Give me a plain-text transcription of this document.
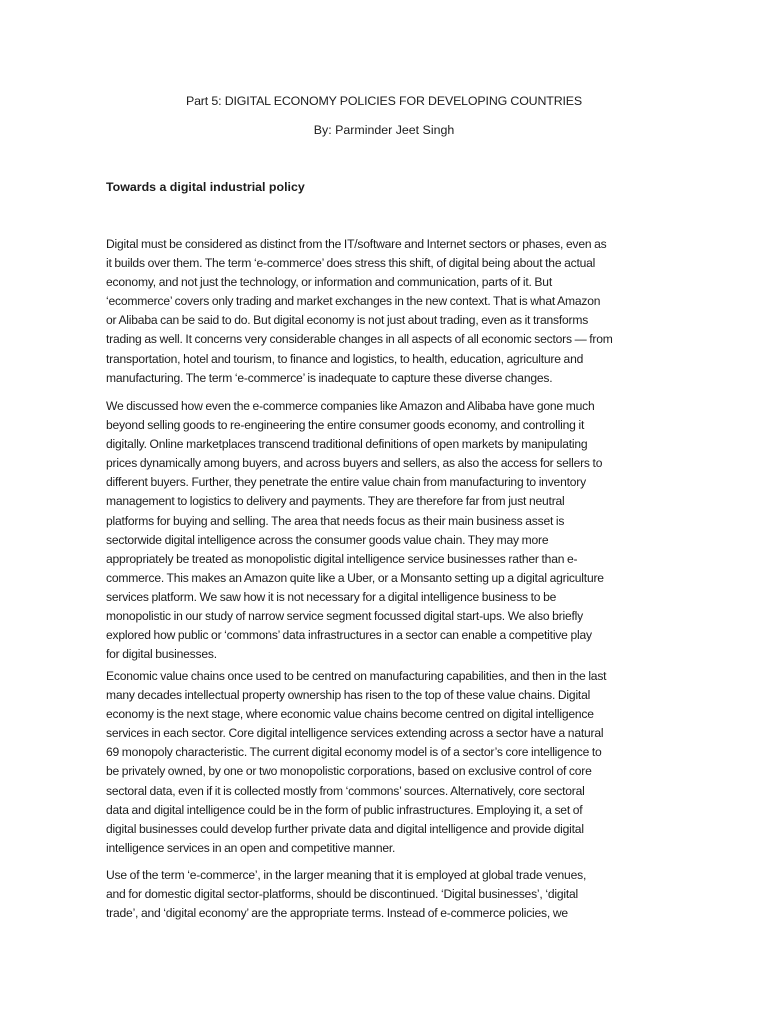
Part 5: DIGITAL ECONOMY POLICIES FOR DEVELOPING COUNTRIES
By: Parminder Jeet Singh
Towards a digital industrial policy
Digital must be considered as distinct from the IT/software and Internet sectors or phases, even as
it builds over them. The term ‘e-commerce’ does stress this shift, of digital being about the actual
economy, and not just the technology, or information and communication, parts of it. But
‘ecommerce’ covers only trading and market exchanges in the new context. That is what Amazon
or Alibaba can be said to do. But digital economy is not just about trading, even as it transforms
trading as well. It concerns very considerable changes in all aspects of all economic sectors — from
transportation, hotel and tourism, to finance and logistics, to health, education, agriculture and
manufacturing. The term ‘e-commerce’ is inadequate to capture these diverse changes.
We discussed how even the e-commerce companies like Amazon and Alibaba have gone much
beyond selling goods to re-engineering the entire consumer goods economy, and controlling it
digitally. Online marketplaces transcend traditional definitions of open markets by manipulating
prices dynamically among buyers, and across buyers and sellers, as also the access for sellers to
different buyers. Further, they penetrate the entire value chain from manufacturing to inventory
management to logistics to delivery and payments. They are therefore far from just neutral
platforms for buying and selling. The area that needs focus as their main business asset is
sectorwide digital intelligence across the consumer goods value chain. They may more
appropriately be treated as monopolistic digital intelligence service businesses rather than e-
commerce. This makes an Amazon quite like a Uber, or a Monsanto setting up a digital agriculture
services platform. We saw how it is not necessary for a digital intelligence business to be
monopolistic in our study of narrow service segment focussed digital start-ups. We also briefly
explored how public or ‘commons’ data infrastructures in a sector can enable a competitive play
for digital businesses.
Economic value chains once used to be centred on manufacturing capabilities, and then in the last
many decades intellectual property ownership has risen to the top of these value chains. Digital
economy is the next stage, where economic value chains become centred on digital intelligence
services in each sector. Core digital intelligence services extending across a sector have a natural
69 monopoly characteristic. The current digital economy model is of a sector’s core intelligence to
be privately owned, by one or two monopolistic corporations, based on exclusive control of core
sectoral data, even if it is collected mostly from ‘commons’ sources. Alternatively, core sectoral
data and digital intelligence could be in the form of public infrastructures. Employing it, a set of
digital businesses could develop further private data and digital intelligence and provide digital
intelligence services in an open and competitive manner.
Use of the term ‘e-commerce’, in the larger meaning that it is employed at global trade venues,
and for domestic digital sector-platforms, should be discontinued. ‘Digital businesses’, ‘digital
trade’, and ‘digital economy’ are the appropriate terms. Instead of e-commerce policies, we
